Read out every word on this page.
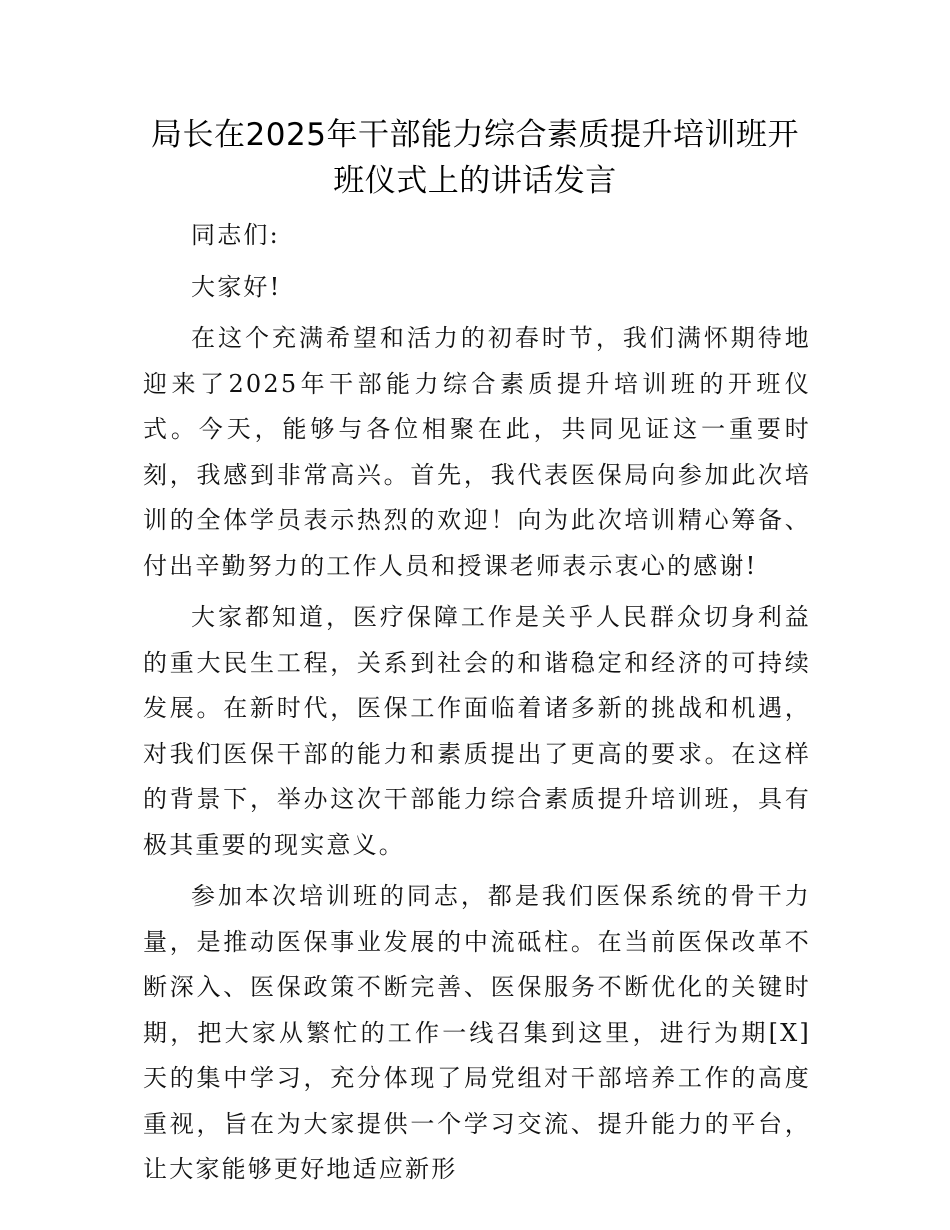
局长在2025年干部能力综合素质提升培训班开班仪式上的讲话发言

同志们:

大家好!

在这个充满希望和活力的初春时节，我们满怀期待地迎来了2025年干部能力综合素质提升培训班的开班仪式。今天，能够与各位相聚在此，共同见证这一重要时刻，我感到非常高兴。首先，我代表医保局向参加此次培训的全体学员表示热烈的欢迎！向为此次培训精心筹备、付出辛勤努力的工作人员和授课老师表示衷心的感谢!

大家都知道，医疗保障工作是关乎人民群众切身利益的重大民生工程，关系到社会的和谐稳定和经济的可持续发展。在新时代，医保工作面临着诸多新的挑战和机遇，对我们医保干部的能力和素质提出了更高的要求。在这样的背景下，举办这次干部能力综合素质提升培训班，具有极其重要的现实意义。

参加本次培训班的同志，都是我们医保系统的骨干力量，是推动医保事业发展的中流砥柱。在当前医保改革不断深入、医保政策不断完善、医保服务不断优化的关键时期，把大家从繁忙的工作一线召集到这里，进行为期[X]天的集中学习，充分体现了局党组对干部培养工作的高度重视，旨在为大家提供一个学习交流、提升能力的平台，让大家能够更好地适应新形
